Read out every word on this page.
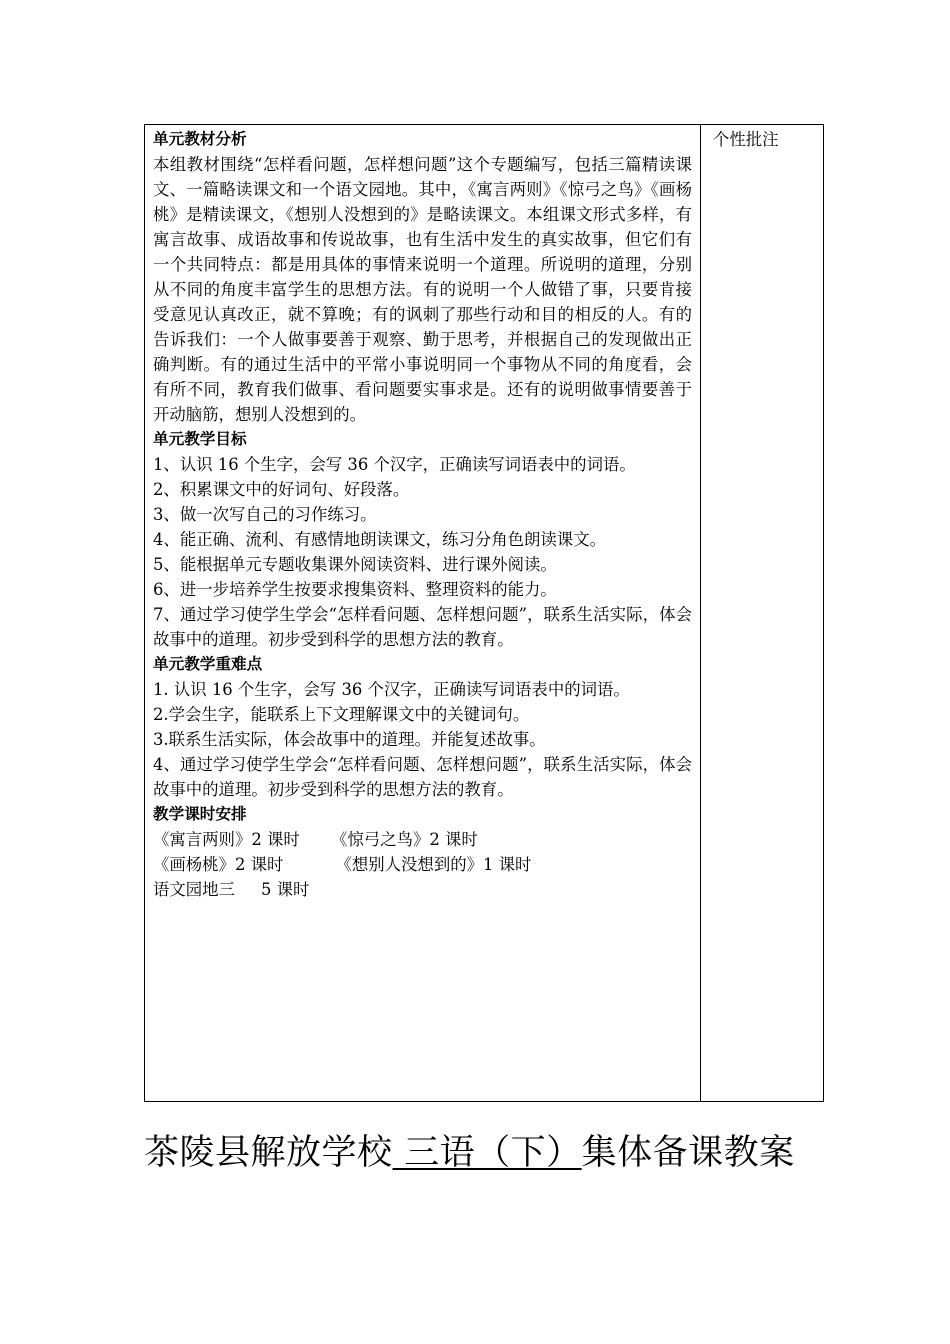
单元教材分析
本组教材围绕“怎样看问题，怎样想问题”这个专题编写，包括三篇精读课文、一篇略读课文和一个语文园地。其中，《寓言两则》《惊弓之鸟》《画杨桃》是精读课文，《想别人没想到的》是略读课文。本组课文形式多样，有寓言故事、成语故事和传说故事，也有生活中发生的真实故事，但它们有一个共同特点：都是用具体的事情来说明一个道理。所说明的道理，分别从不同的角度丰富学生的思想方法。有的说明一个人做错了事，只要肯接受意见认真改正，就不算晚；有的讽刺了那些行动和目的相反的人。有的告诉我们：一个人做事要善于观察、勤于思考，并根据自己的发现做出正确判断。有的通过生活中的平常小事说明同一个事物从不同的角度看，会有所不同，教育我们做事、看问题要实事求是。还有的说明做事情要善于开动脑筋，想别人没想到的。
单元教学目标
1、认识 16 个生字，会写 36 个汉字，正确读写词语表中的词语。
2、积累课文中的好词句、好段落。
3、做一次写自己的习作练习。
4、能正确、流利、有感情地朗读课文，练习分角色朗读课文。
5、能根据单元专题收集课外阅读资料、进行课外阅读。
6、进一步培养学生按要求搜集资料、整理资料的能力。
7、通过学习使学生学会“怎样看问题、怎样想问题”，联系生活实际，体会故事中的道理。初步受到科学的思想方法的教育。
单元教学重难点
1. 认识 16 个生字，会写 36 个汉字，正确读写词语表中的词语。
2.学会生字，能联系上下文理解课文中的关键词句。
3.联系生活实际，体会故事中的道理。并能复述故事。
4、通过学习使学生学会“怎样看问题、怎样想问题”，联系生活实际，体会故事中的道理。初步受到科学的思想方法的教育。
教学课时安排
《寓言两则》2 课时      《惊弓之鸟》2 课时
《画杨桃》2 课时          《想别人没想到的》1 课时
语文园地三     5 课时
个性批注
茶陵县解放学校 三语（下）集体备课教案
